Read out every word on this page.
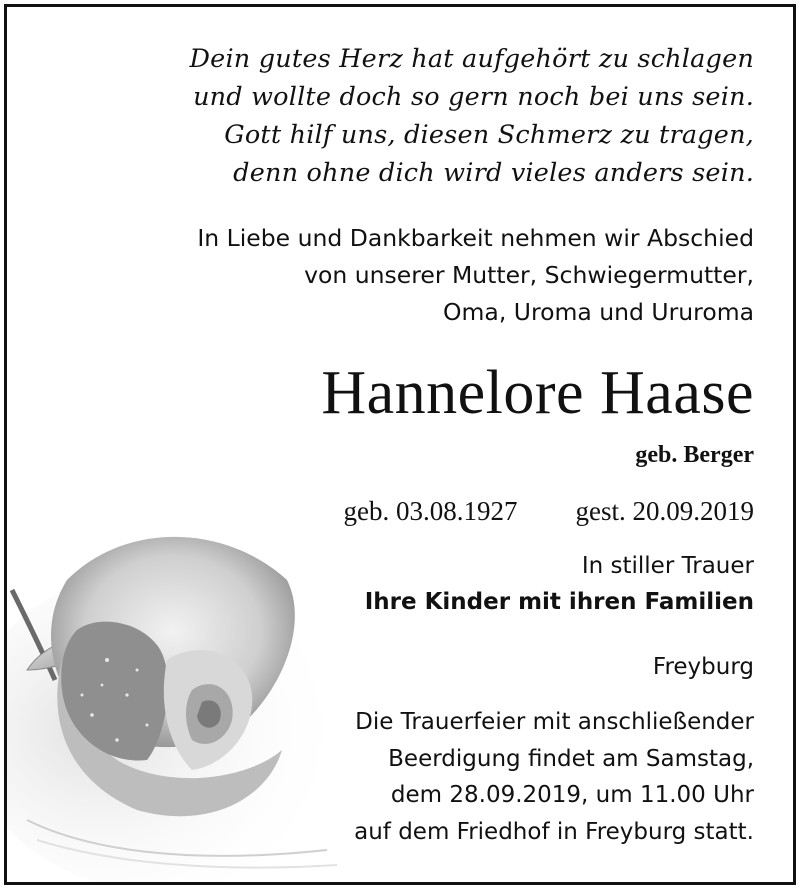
Dein gutes Herz hat aufgehört zu schlagen
und wollte doch so gern noch bei uns sein.
Gott hilf uns, diesen Schmerz zu tragen,
denn ohne dich wird vieles anders sein.
In Liebe und Dankbarkeit nehmen wir Abschied
von unserer Mutter, Schwiegermutter,
Oma, Uroma und Ururoma
Hannelore Haase
geb. Berger
geb. 03.08.1927 gest. 20.09.2019
In stiller Trauer
Ihre Kinder mit ihren Familien
Freyburg
Die Trauerfeier mit anschließender
Beerdigung findet am Samstag,
dem 28.09.2019, um 11.00 Uhr
auf dem Friedhof in Freyburg statt.
